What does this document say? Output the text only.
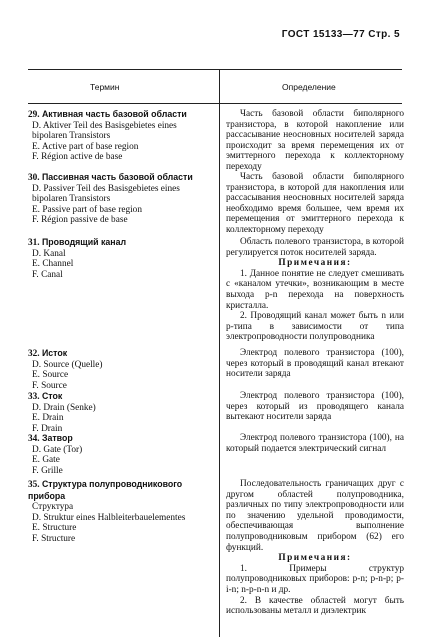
ГОСТ 15133—77 Стр. 5
Термин	Определение
29. Активная часть базовой области
D. Aktiver Teil des Basisgebietes eines bipolaren Transistors
E. Active part of base region
F. Région active de base
Часть базовой области биполярного транзистора, в которой накопление или рассасывание неосновных носителей заряда происходит за время перемещения их от эмиттерного перехода к коллекторному переходу
30. Пассивная часть базовой области
D. Passiver Teil des Basisgebietes eines bipolaren Transistors
E. Passive part of base region
F. Région passive de base
Часть базовой области биполярного транзистора, в которой для накопления или рассасывания неосновных носителей заряда необходимо время большее, чем время их перемещения от эмиттерного перехода к коллекторному переходу
31. Проводящий канал
D. Kanal
E. Channel
F. Canal
Область полевого транзистора, в которой регулируется поток носителей заряда.
Примечания:
1. Данное понятие не следует смешивать с «каналом утечки», возникающим в месте выхода p-n перехода на поверхность кристалла.
2. Проводящий канал может быть n или p-типа в зависимости от типа электропроводности полупроводника
32. Исток
D. Source (Quelle)
E. Source
F. Source
Электрод полевого транзистора (100), через который в проводящий канал втекают носители заряда
33. Сток
D. Drain (Senke)
E. Drain
F. Drain
Электрод полевого транзистора (100), через который из проводящего канала вытекают носители заряда
34. Затвор
D. Gate (Tor)
E. Gate
F. Grille
Электрод полевого транзистора (100), на который подается электрический сигнал
35. Структура полупроводникового прибора
Структура
D. Struktur eines Halbleiterbauelementes
E. Structure
F. Structure
Последовательность граничащих друг с другом областей полупроводника, различных по типу электропроводности или по значению удельной проводимости, обеспечивающая выполнение полупроводниковым прибором (62) его функций.
Примечания:
1. Примеры структур полупроводниковых приборов: p-n; p-n-p; p-i-n; n-p-n-n и др.
2. В качестве областей могут быть использованы металл и диэлектрик
